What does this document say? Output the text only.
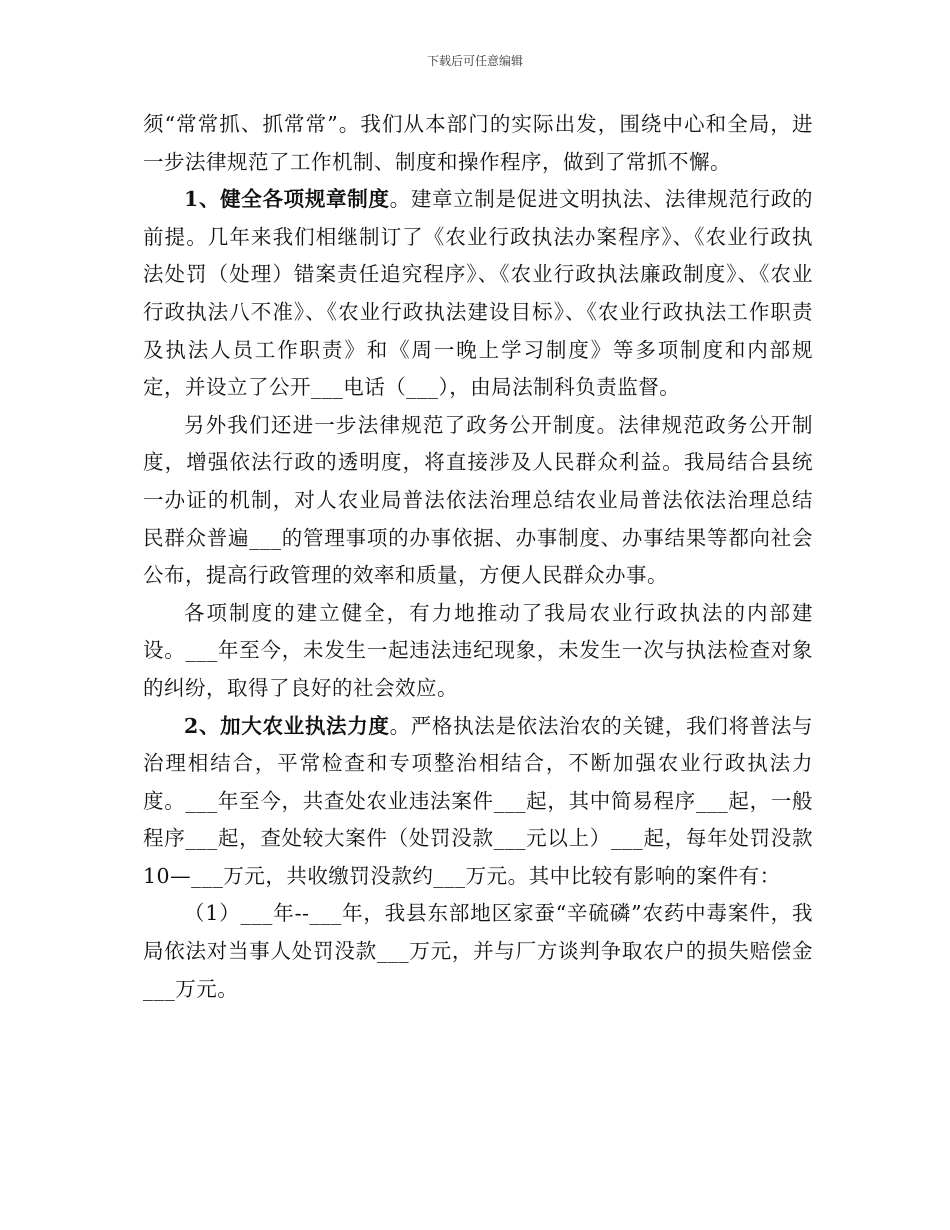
下载后可任意编辑

须“常常抓、抓常常”。我们从本部门的实际出发，围绕中心和全局，进一步法律规范了工作机制、制度和操作程序，做到了常抓不懈。

1、健全各项规章制度。建章立制是促进文明执法、法律规范行政的前提。几年来我们相继制订了《农业行政执法办案程序》、《农业行政执法处罚（处理）错案责任追究程序》、《农业行政执法廉政制度》、《农业行政执法八不准》、《农业行政执法建设目标》、《农业行政执法工作职责及执法人员工作职责》和《周一晚上学习制度》等多项制度和内部规定，并设立了公开___电话（___），由局法制科负责监督。

另外我们还进一步法律规范了政务公开制度。法律规范政务公开制度，增强依法行政的透明度，将直接涉及人民群众利益。我局结合县统一办证的机制，对人农业局普法依法治理总结农业局普法依法治理总结民群众普遍___的管理事项的办事依据、办事制度、办事结果等都向社会公布，提高行政管理的效率和质量，方便人民群众办事。

各项制度的建立健全，有力地推动了我局农业行政执法的内部建设。___年至今，未发生一起违法违纪现象，未发生一次与执法检查对象的纠纷，取得了良好的社会效应。

2、加大农业执法力度。严格执法是依法治农的关键，我们将普法与治理相结合，平常检查和专项整治相结合，不断加强农业行政执法力度。___年至今，共查处农业违法案件___起，其中简易程序___起，一般程序___起，查处较大案件（处罚没款___元以上）___起，每年处罚没款10—___万元，共收缴罚没款约___万元。其中比较有影响的案件有：

（1）___年--___年，我县东部地区家蚕“辛硫磷”农药中毒案件，我局依法对当事人处罚没款___万元，并与厂方谈判争取农户的损失赔偿金___万元。
